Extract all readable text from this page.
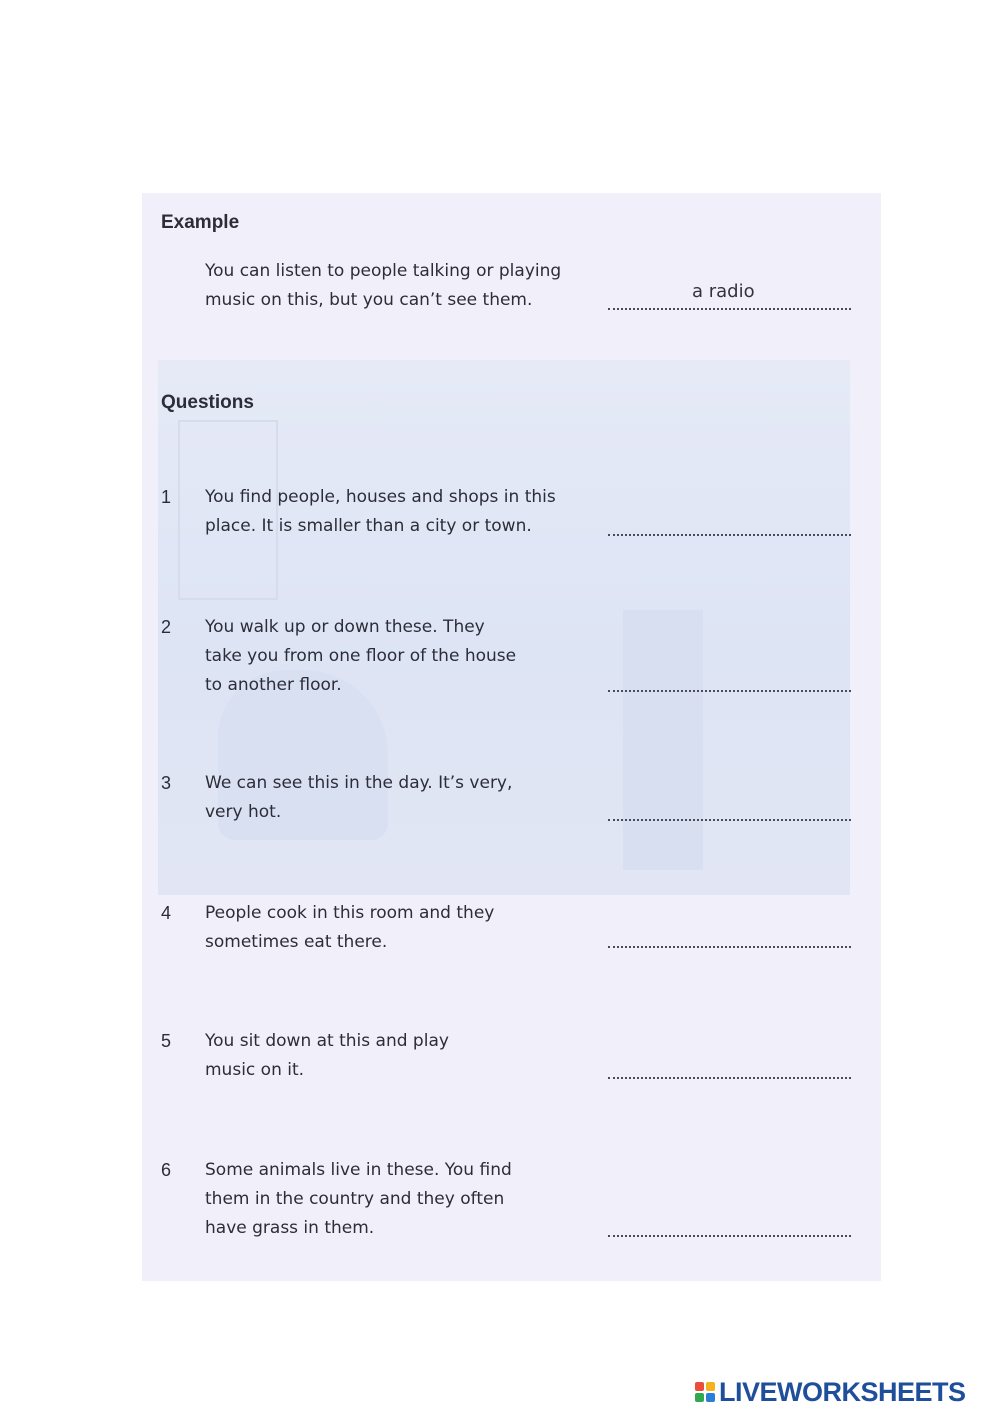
Example
You can listen to people talking or playing
music on this, but you can’t see them.	a radio
Questions
1 You find people, houses and shops in this
place. It is smaller than a city or town.
2 You walk up or down these. They
take you from one floor of the house
to another floor.
3 We can see this in the day. It’s very,
very hot.
4 People cook in this room and they
sometimes eat there.
5 You sit down at this and play
music on it.
6 Some animals live in these. You find
them in the country and they often
have grass in them.
LIVEWORKSHEETS
